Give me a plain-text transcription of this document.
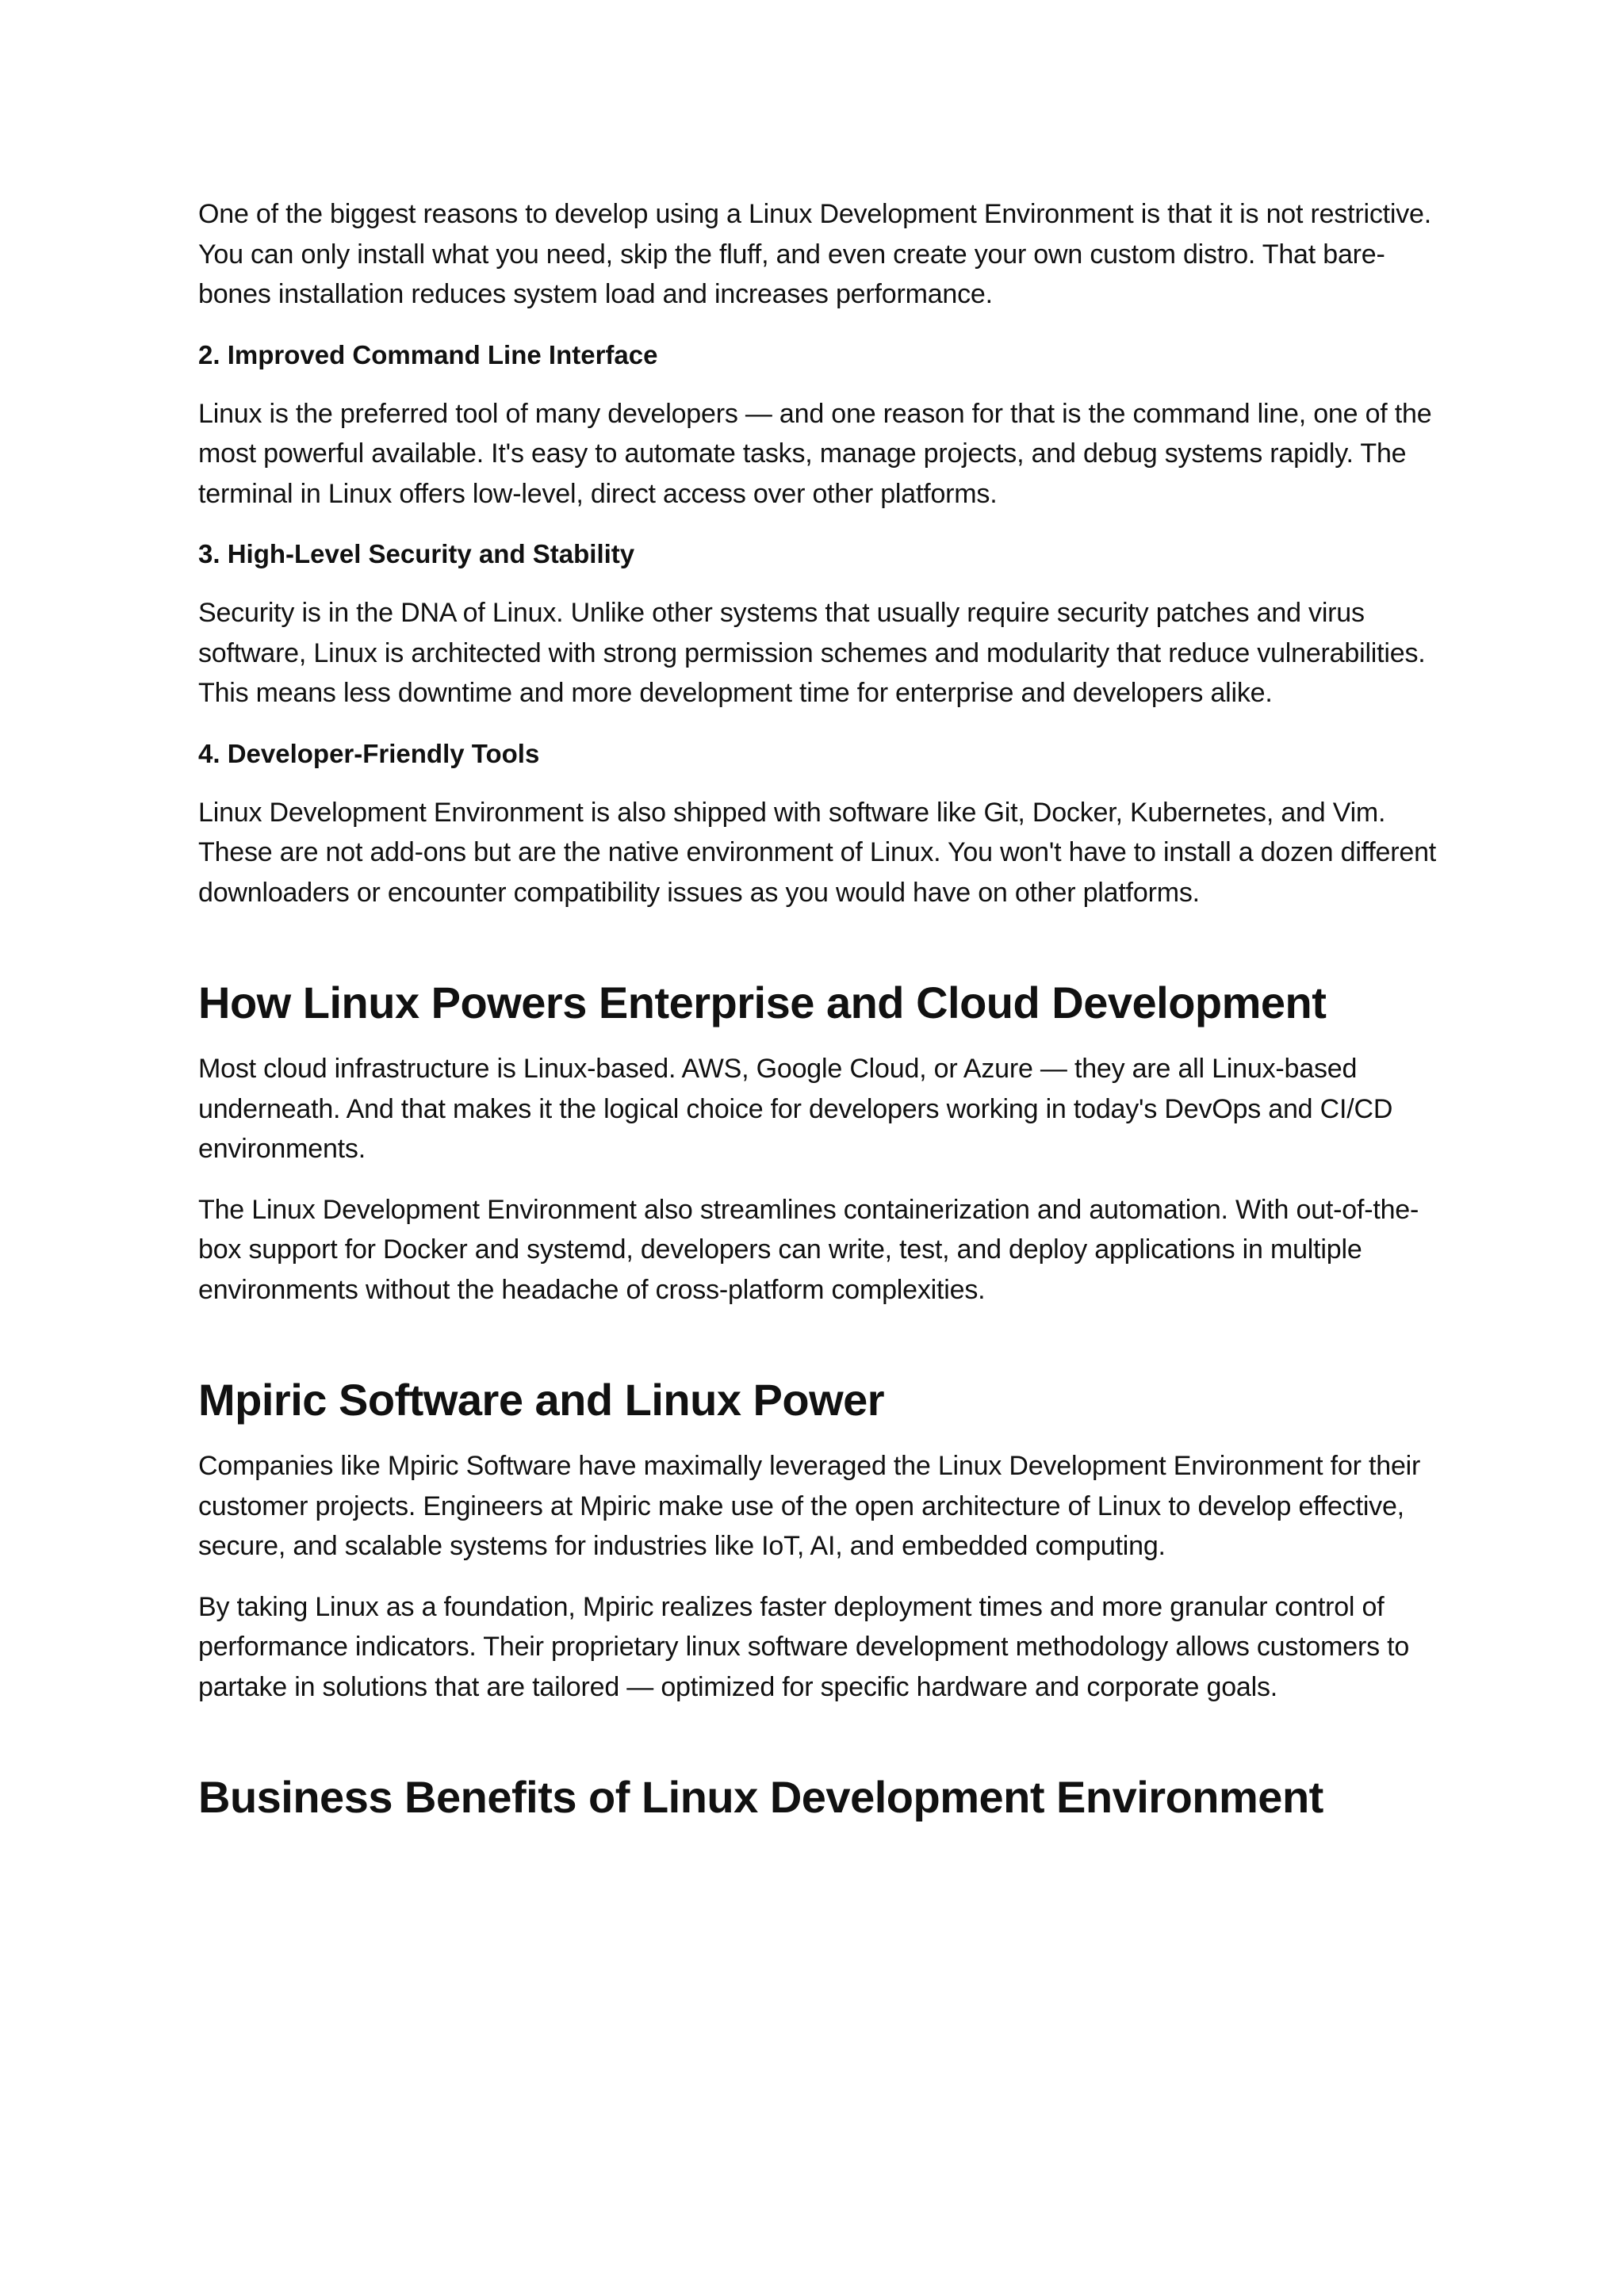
One of the biggest reasons to develop using a Linux Development Environment is that it is not restrictive. You can only install what you need, skip the fluff, and even create your own custom distro. That bare-bones installation reduces system load and increases performance.

2. Improved Command Line Interface

Linux is the preferred tool of many developers — and one reason for that is the command line, one of the most powerful available. It's easy to automate tasks, manage projects, and debug systems rapidly. The terminal in Linux offers low-level, direct access over other platforms.

3. High-Level Security and Stability

Security is in the DNA of Linux. Unlike other systems that usually require security patches and virus software, Linux is architected with strong permission schemes and modularity that reduce vulnerabilities. This means less downtime and more development time for enterprise and developers alike.

4. Developer-Friendly Tools

Linux Development Environment is also shipped with software like Git, Docker, Kubernetes, and Vim. These are not add-ons but are the native environment of Linux. You won't have to install a dozen different downloaders or encounter compatibility issues as you would have on other platforms.

How Linux Powers Enterprise and Cloud Development

Most cloud infrastructure is Linux-based. AWS, Google Cloud, or Azure — they are all Linux-based underneath. And that makes it the logical choice for developers working in today's DevOps and CI/CD environments.

The Linux Development Environment also streamlines containerization and automation. With out-of-the-box support for Docker and systemd, developers can write, test, and deploy applications in multiple environments without the headache of cross-platform complexities.

Mpiric Software and Linux Power

Companies like Mpiric Software have maximally leveraged the Linux Development Environment for their customer projects. Engineers at Mpiric make use of the open architecture of Linux to develop effective, secure, and scalable systems for industries like IoT, AI, and embedded computing.

By taking Linux as a foundation, Mpiric realizes faster deployment times and more granular control of performance indicators. Their proprietary linux software development methodology allows customers to partake in solutions that are tailored — optimized for specific hardware and corporate goals.

Business Benefits of Linux Development Environment
